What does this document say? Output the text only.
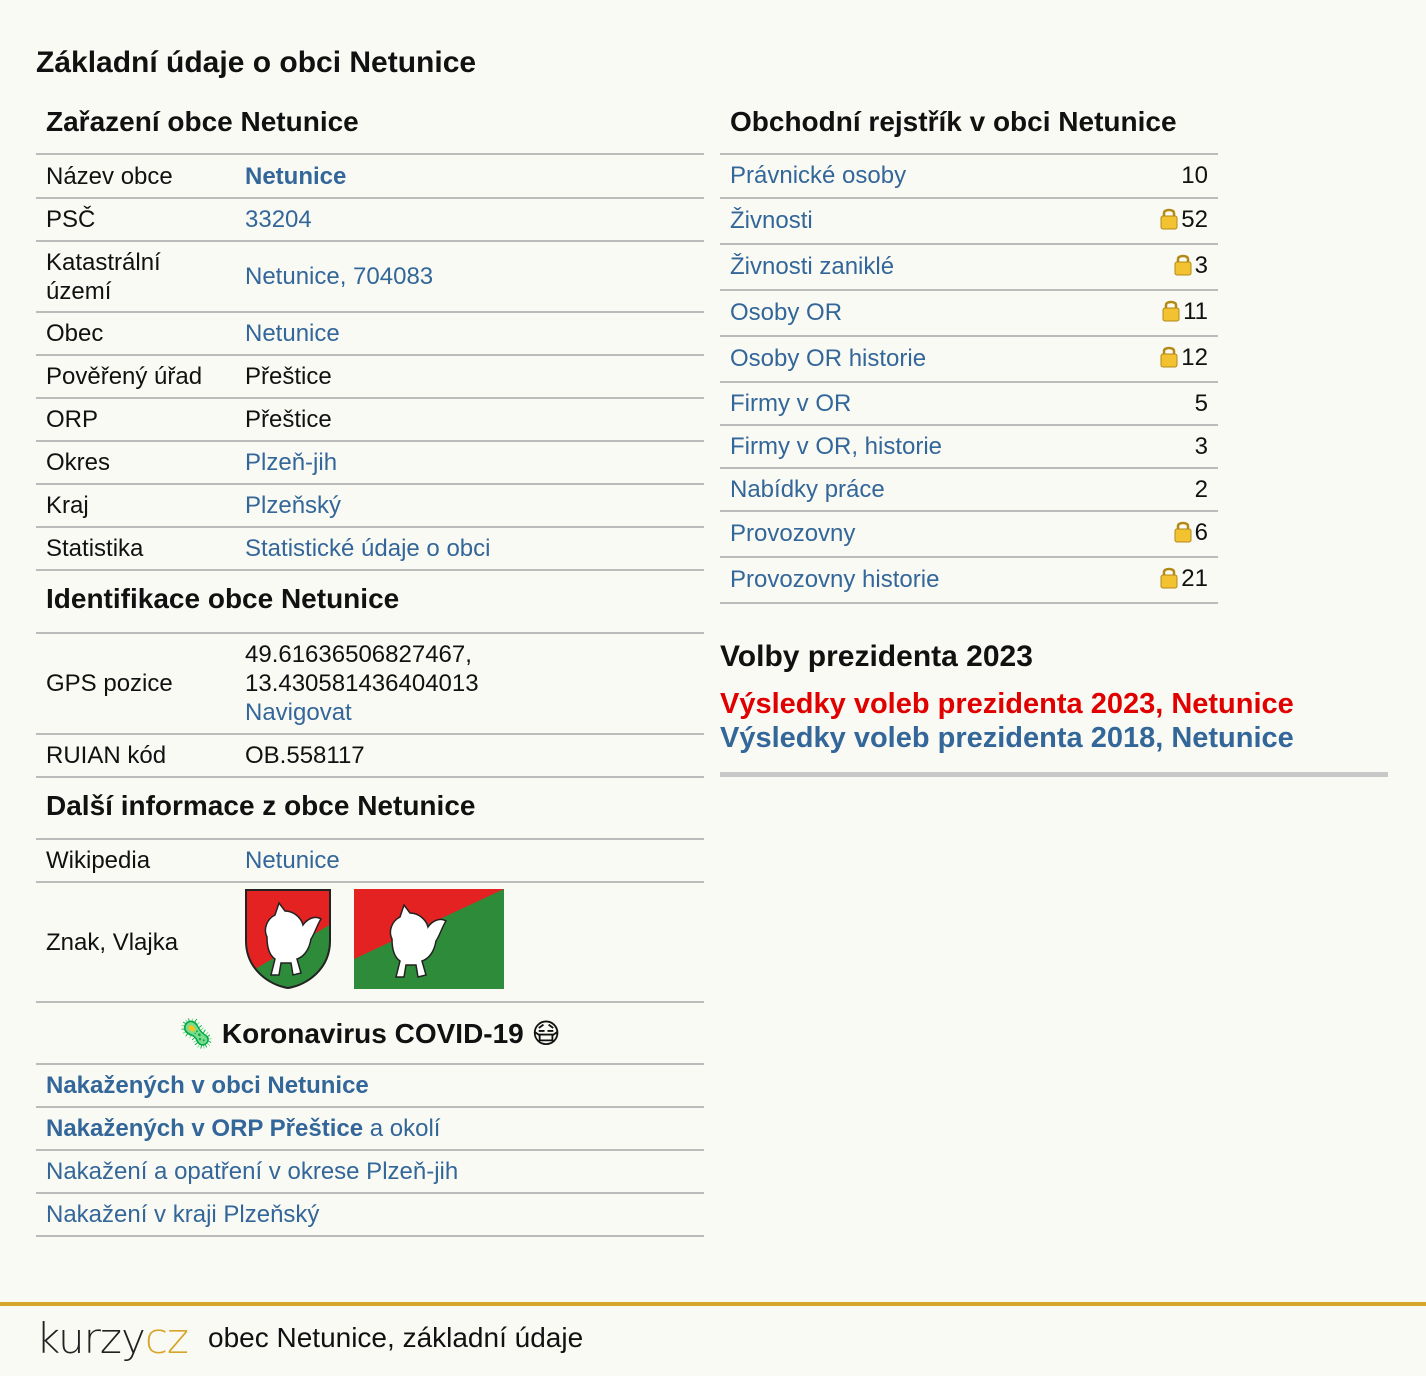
Základní údaje o obci Netunice
Zařazení obce Netunice
Název obce	Netunice
PSČ	33204
Katastrální území	Netunice, 704083
Obec	Netunice
Pověřený úřad	Přeštice
ORP	Přeštice
Okres	Plzeň-jih
Kraj	Plzeňský
Statistika	Statistické údaje o obci
Identifikace obce Netunice
GPS pozice	49.61636506827467,
13.430581436404013
Navigovat
RUIAN kód	OB.558117
Další informace z obce Netunice
Wikipedia	Netunice
Znak, Vlajka	
🦠 Koronavirus COVID-19 😷
Nakažených v obci Netunice
Nakažených v ORP Přeštice a okolí
Nakažení a opatření v okrese Plzeň-jih
Nakažení v kraji Plzeňský
Obchodní rejstřík v obci Netunice
Právnické osoby	10
Živnosti	52
Živnosti zaniklé	3
Osoby OR	11
Osoby OR historie	12
Firmy v OR	5
Firmy v OR, historie	3
Nabídky práce	2
Provozovny	6
Provozovny historie	21
Volby prezidenta 2023
Výsledky voleb prezidenta 2023, Netunice
Výsledky voleb prezidenta 2018, Netunice
kurzycz obec Netunice, základní údaje
